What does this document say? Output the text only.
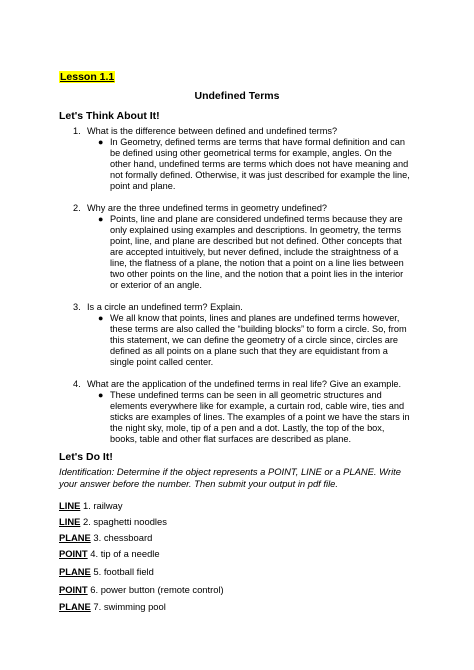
Lesson 1.1
Undefined Terms
Let's Think About It!
1. What is the difference between defined and undefined terms?
● In Geometry, defined terms are terms that have formal definition and can be defined using other geometrical terms for example, angles. On the other hand, undefined terms are terms which does not have meaning and not formally defined. Otherwise, it was just described for example the line, point and plane.
2. Why are the three undefined terms in geometry undefined?
● Points, line and plane are considered undefined terms because they are only explained using examples and descriptions. In geometry, the terms point, line, and plane are described but not defined. Other concepts that are accepted intuitively, but never defined, include the straightness of a line, the flatness of a plane, the notion that a point on a line lies between two other points on the line, and the notion that a point lies in the interior or exterior of an angle.
3. Is a circle an undefined term? Explain.
● We all know that points, lines and planes are undefined terms however, these terms are also called the “building blocks” to form a circle. So, from this statement, we can define the geometry of a circle since, circles are defined as all points on a plane such that they are equidistant from a single point called center.
4. What are the application of the undefined terms in real life? Give an example.
● These undefined terms can be seen in all geometric structures and elements everywhere like for example, a curtain rod, cable wire, ties and sticks are examples of lines. The examples of a point we have the stars in the night sky, mole, tip of a pen and a dot. Lastly, the top of the box, books, table and other flat surfaces are described as plane.
Let's Do It!
Identification: Determine if the object represents a POINT, LINE or a PLANE. Write your answer before the number. Then submit your output in pdf file.
LINE 1. railway
LINE 2. spaghetti noodles
PLANE 3. chessboard
POINT 4. tip of a needle
PLANE 5. football field
POINT 6. power button (remote control)
PLANE 7. swimming pool
